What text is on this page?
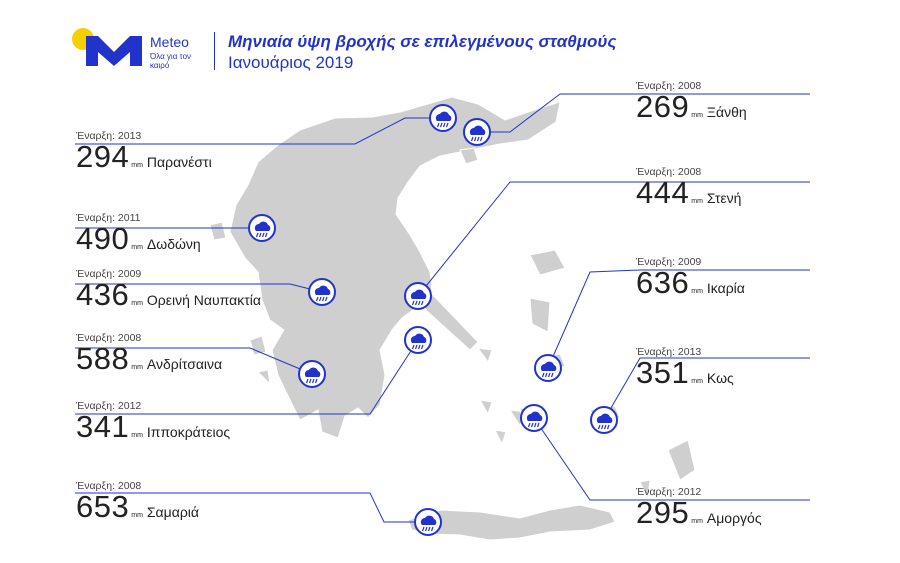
Meteo
Όλα για τον καιρό
Μηνιαία ύψη βροχής σε επιλεγμένους σταθμούς
Ιανουάριος 2019
Έναρξη: 2013
294 mm Παρανέστι
Έναρξη: 2011
490 mm Δωδώνη
Έναρξη: 2009
436 mm Ορεινή Ναυπακτία
Έναρξη: 2008
588 mm Ανδρίτσαινα
Έναρξη: 2012
341 mm Ιπποκράτειος
Έναρξη: 2008
653 mm Σαμαριά
Έναρξη: 2008
269 mm Ξάνθη
Έναρξη: 2008
444 mm Στενή
Έναρξη: 2009
636 mm Ικαρία
Έναρξη: 2013
351 mm Κως
Έναρξη: 2012
295 mm Αμοργός
